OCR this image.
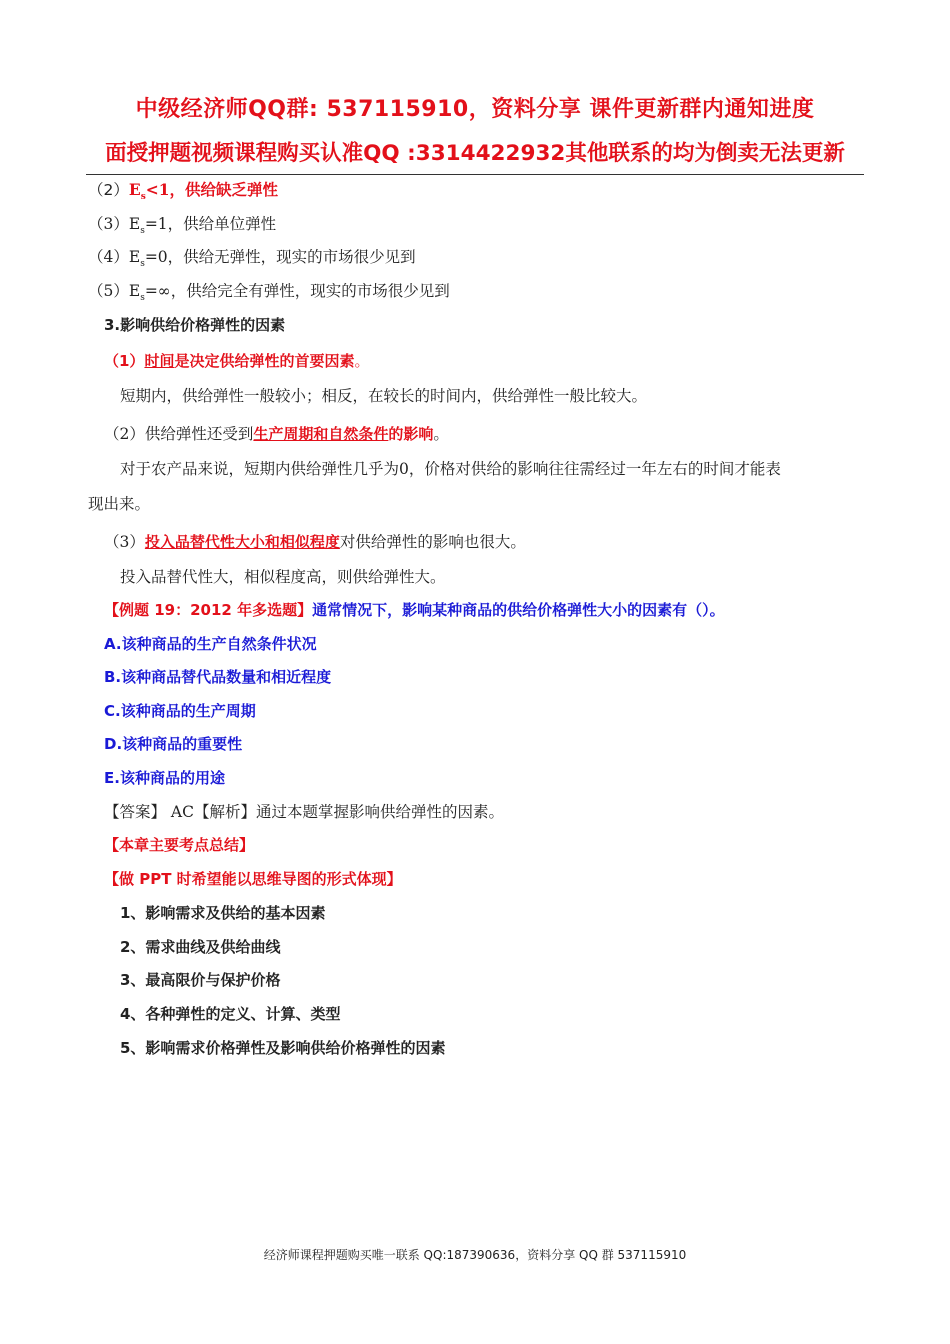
中级经济师QQ群: 537115910，资料分享 课件更新群内通知进度
面授押题视频课程购买认准QQ :3314422932其他联系的均为倒卖无法更新
$(2)E_s<1$，供给缺乏弹性
$(3)E_s=1$，供给单位弹性
$(4)E_s=0$，供给无弹性，现实的市场很少见到
$(5)E_s=\infty$，供给完全有弹性，现实的市场很少见到
3.影响供给价格弹性的因素
（1）时间是决定供给弹性的首要因素。
短期内，供给弹性一般较小；相反，在较长的时间内，供给弹性一般比较大。
（2）供给弹性还受到生产周期和自然条件的影响。
对于农产品来说，短期内供给弹性几乎为0，价格对供给的影响往往需经过一年左右的时间才能表
现出来。
（3）投入品替代性大小和相似程度对供给弹性的影响也很大。
投入品替代性大，相似程度高，则供给弹性大。
【例题 19：2012 年多选题】通常情况下，影响某种商品的供给价格弹性大小的因素有（）。
A.该种商品的生产自然条件状况
B.该种商品替代品数量和相近程度
C.该种商品的生产周期
D.该种商品的重要性
E.该种商品的用途
【答案】 AC【解析】通过本题掌握影响供给弹性的因素。
【本章主要考点总结】
【做 PPT 时希望能以思维导图的形式体现】
1、影响需求及供给的基本因素
2、需求曲线及供给曲线
3、最高限价与保护价格
4、各种弹性的定义、计算、类型
5、影响需求价格弹性及影响供给价格弹性的因素
经济师课程押题购买唯一联系 QQ:187390636，资料分享 QQ 群 537115910
